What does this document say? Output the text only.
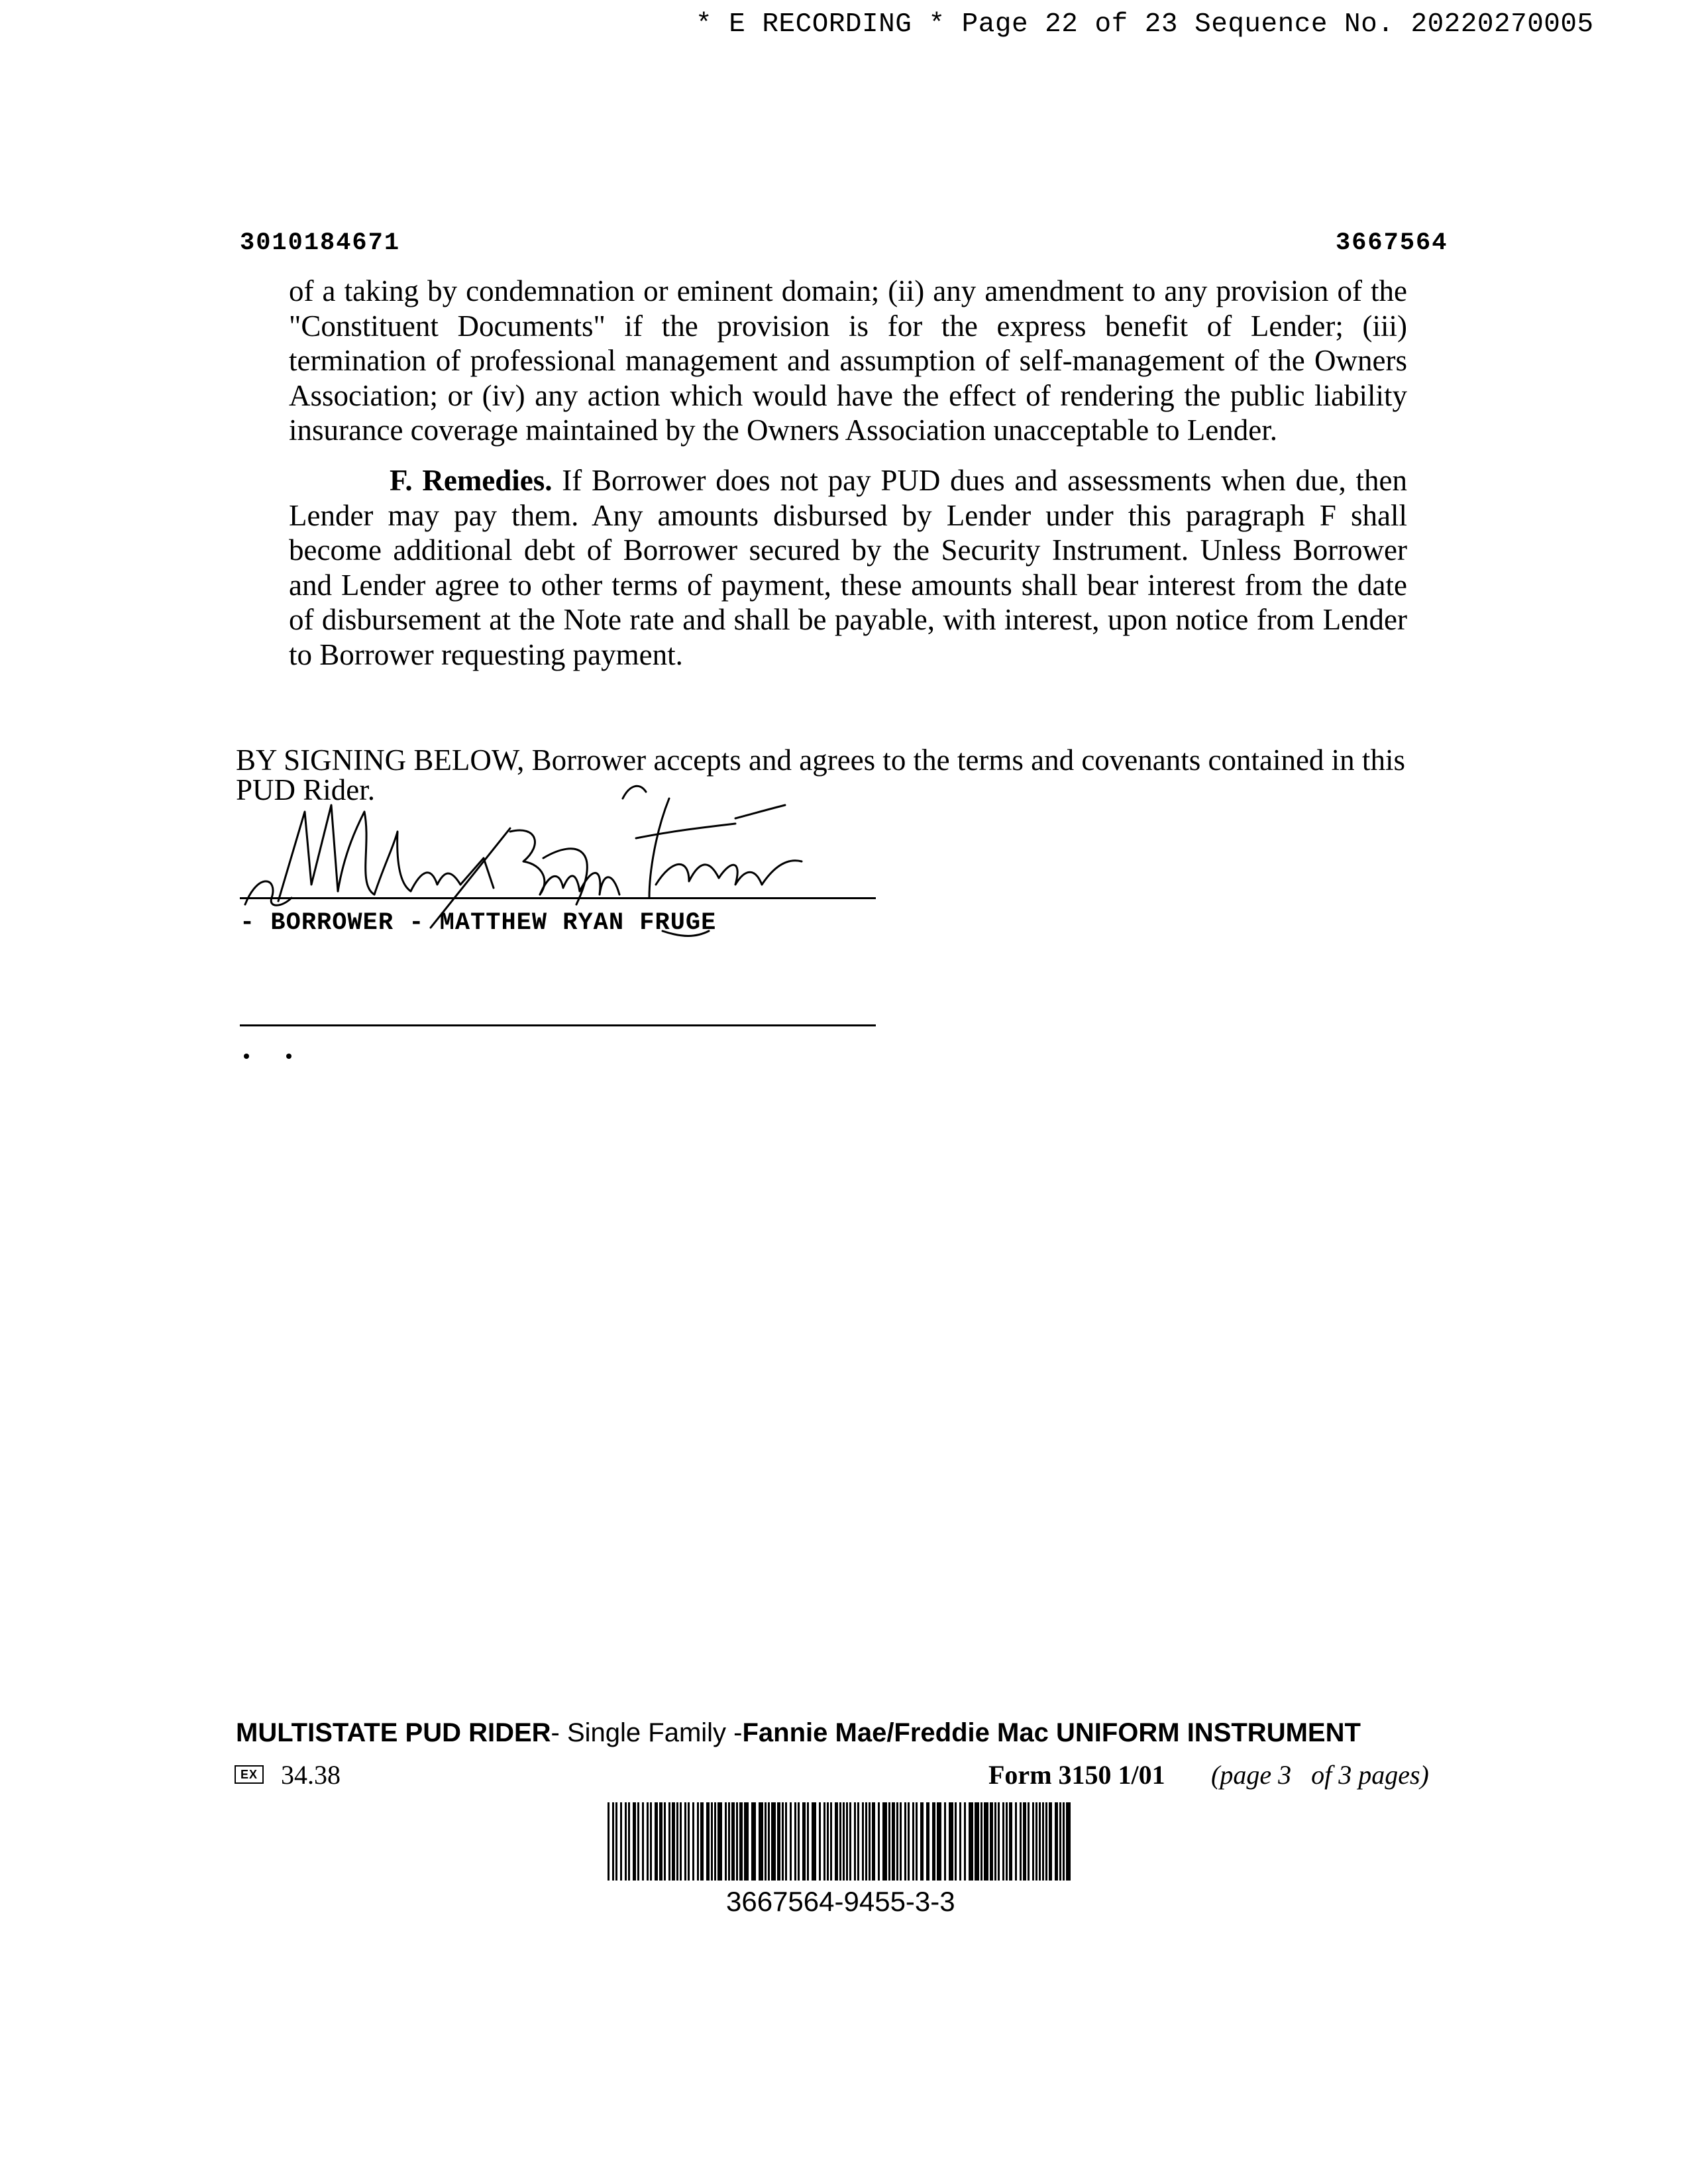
* E RECORDING * Page 22 of 23 Sequence No. 20220270005
3010184671	3667564
of a taking by condemnation or eminent domain; (ii) any amendment to any provision of the "Constituent Documents" if the provision is for the express benefit of Lender; (iii) termination of professional management and assumption of self-management of the Owners Association; or (iv) any action which would have the effect of rendering the public liability insurance coverage maintained by the Owners Association unacceptable to Lender.
F. Remedies. If Borrower does not pay PUD dues and assessments when due, then Lender may pay them. Any amounts disbursed by Lender under this paragraph F shall become additional debt of Borrower secured by the Security Instrument. Unless Borrower and Lender agree to other terms of payment, these amounts shall bear interest from the date of disbursement at the Note rate and shall be payable, with interest, upon notice from Lender to Borrower requesting payment.
BY SIGNING BELOW, Borrower accepts and agrees to the terms and covenants contained in this PUD Rider.
- BORROWER - MATTHEW RYAN FRUGE
MULTISTATE PUD RIDER- Single Family -Fannie Mae/Freddie Mac UNIFORM INSTRUMENT
EX 34.38	Form 3150 1/01 (page 3   of 3 pages)
3667564-9455-3-3
